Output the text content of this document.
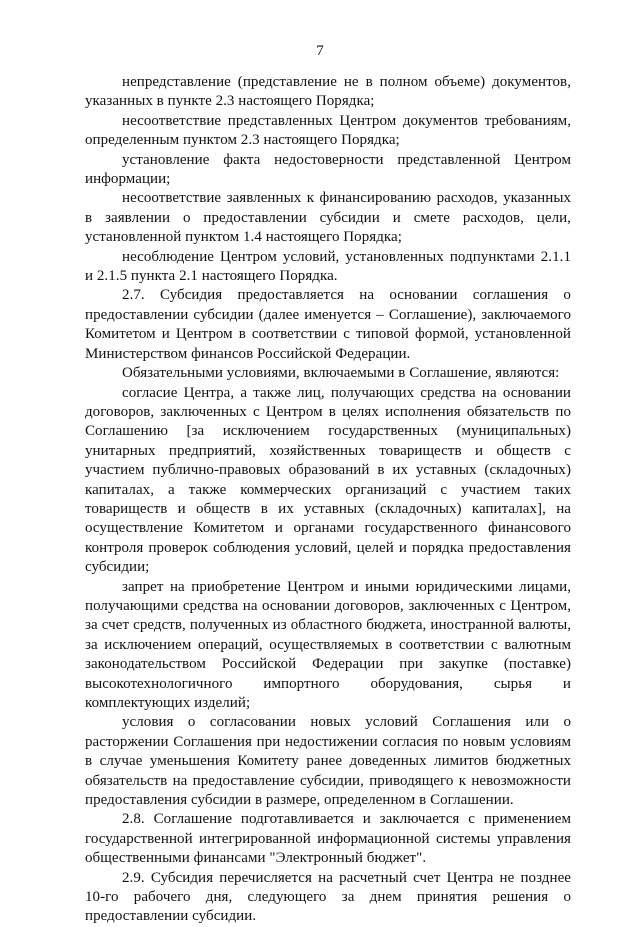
7

непредставление (представление не в полном объеме) документов, указанных в пункте 2.3 настоящего Порядка;

несоответствие представленных Центром документов требованиям, определенным пунктом 2.3 настоящего Порядка;

установление факта недостоверности представленной Центром информации;

несоответствие заявленных к финансированию расходов, указанных в заявлении о предоставлении субсидии и смете расходов, цели, установленной пунктом 1.4 настоящего Порядка;

несоблюдение Центром условий, установленных подпунктами 2.1.1 и 2.1.5 пункта 2.1 настоящего Порядка.

2.7. Субсидия предоставляется на основании соглашения о предоставлении субсидии (далее именуется – Соглашение), заключаемого Комитетом и Центром в соответствии с типовой формой, установленной Министерством финансов Российской Федерации.

Обязательными условиями, включаемыми в Соглашение, являются:

согласие Центра, а также лиц, получающих средства на основании договоров, заключенных с Центром в целях исполнения обязательств по Соглашению [за исключением государственных (муниципальных) унитарных предприятий, хозяйственных товариществ и обществ с участием публично-правовых образований в их уставных (складочных) капиталах, а также коммерческих организаций с участием таких товариществ и обществ в их уставных (складочных) капиталах], на осуществление Комитетом и органами государственного финансового контроля проверок соблюдения условий, целей и порядка предоставления субсидии;

запрет на приобретение Центром и иными юридическими лицами, получающими средства на основании договоров, заключенных с Центром, за счет средств, полученных из областного бюджета, иностранной валюты, за исключением операций, осуществляемых в соответствии с валютным законодательством Российской Федерации при закупке (поставке) высокотехнологичного импортного оборудования, сырья и комплектующих изделий;

условия о согласовании новых условий Соглашения или о расторжении Соглашения при недостижении согласия по новым условиям в случае уменьшения Комитету ранее доведенных лимитов бюджетных обязательств на предоставление субсидии, приводящего к невозможности предоставления субсидии в размере, определенном в Соглашении.

2.8. Соглашение подготавливается и заключается с применением государственной интегрированной информационной системы управления общественными финансами "Электронный бюджет".

2.9. Субсидия перечисляется на расчетный счет Центра не позднее 10-го рабочего дня, следующего за днем принятия решения о предоставлении субсидии.
